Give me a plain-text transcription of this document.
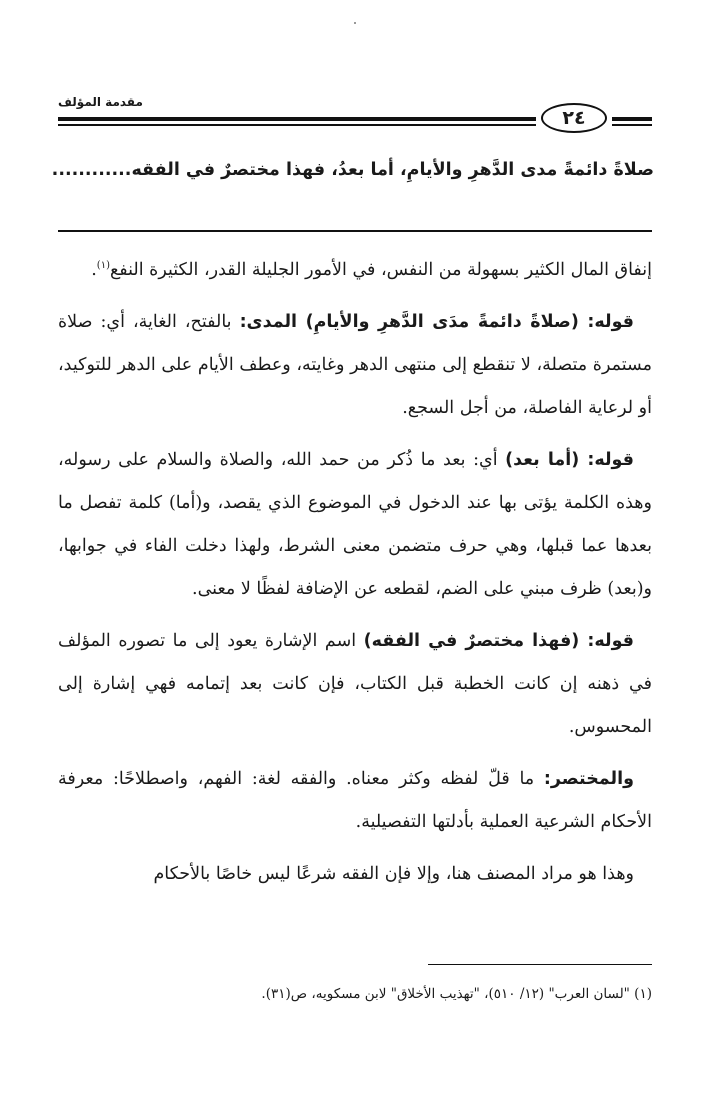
مقدمة المؤلف
٢٤
صلاةً دائمةً مدى الدَّهرِ والأيامِ، أما بعدُ، فهذا مختصرٌ في الفقه............

إنفاق المال الكثير بسهولة من النفس، في الأمور الجليلة القدر، الكثيرة النفع$^{(١)}$.

قوله: (صلاةً دائمةً مدَى الدَّهرِ والأيامِ) المدى: بالفتح، الغاية، أي: صلاة مستمرة متصلة، لا تنقطع إلى منتهى الدهر وغايته، وعطف الأيام على الدهر للتوكيد، أو لرعاية الفاصلة، من أجل السجع.

قوله: (أما بعد) أي: بعد ما ذُكر من حمد الله، والصلاة والسلام على رسوله، وهذه الكلمة يؤتى بها عند الدخول في الموضوع الذي يقصد، و(أما) كلمة تفصل ما بعدها عما قبلها، وهي حرف متضمن معنى الشرط، ولهذا دخلت الفاء في جوابها، و(بعد) ظرف مبني على الضم، لقطعه عن الإضافة لفظًا لا معنى.

قوله: (فهذا مختصرٌ في الفقه) اسم الإشارة يعود إلى ما تصوره المؤلف في ذهنه إن كانت الخطبة قبل الكتاب، فإن كانت بعد إتمامه فهي إشارة إلى المحسوس.

والمختصر: ما قلّ لفظه وكثر معناه. والفقه لغة: الفهم، واصطلاحًا: معرفة الأحكام الشرعية العملية بأدلتها التفصيلية.

وهذا هو مراد المصنف هنا، وإلا فإن الفقه شرعًا ليس خاصًا بالأحكام

(١) "لسان العرب" (١٢/ ٥١٠)، "تهذيب الأخلاق" لابن مسكويه، ص(٣١).
